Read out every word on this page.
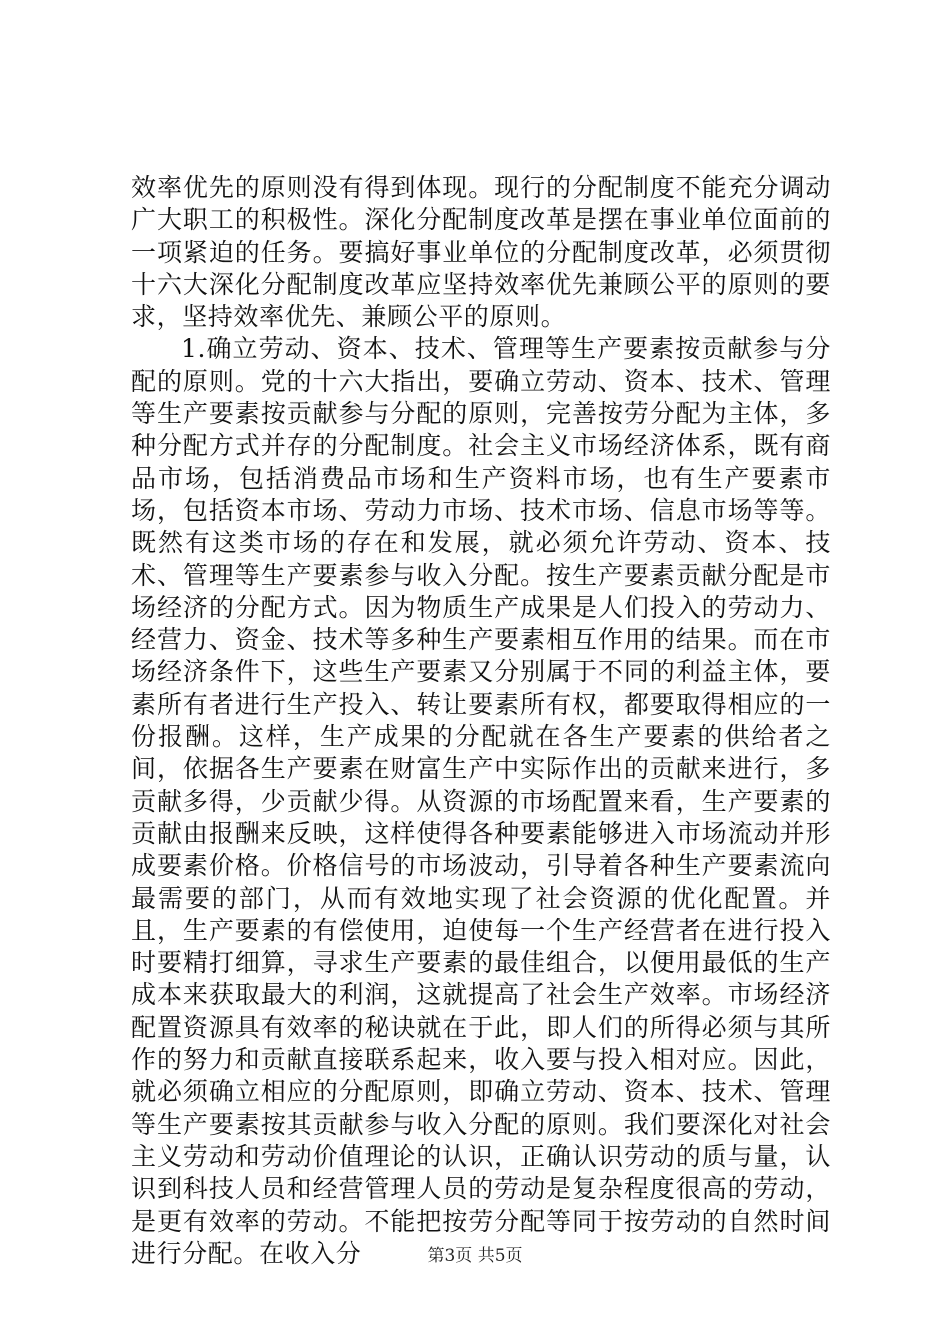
效率优先的原则没有得到体现。现行的分配制度不能充分调动广大职工的积极性。深化分配制度改革是摆在事业单位面前的一项紧迫的任务。要搞好事业单位的分配制度改革，必须贯彻十六大深化分配制度改革应坚持效率优先兼顾公平的原则的要求，坚持效率优先、兼顾公平的原则。

1.确立劳动、资本、技术、管理等生产要素按贡献参与分配的原则。党的十六大指出，要确立劳动、资本、技术、管理等生产要素按贡献参与分配的原则，完善按劳分配为主体，多种分配方式并存的分配制度。社会主义市场经济体系，既有商品市场，包括消费品市场和生产资料市场，也有生产要素市场，包括资本市场、劳动力市场、技术市场、信息市场等等。既然有这类市场的存在和发展，就必须允许劳动、资本、技术、管理等生产要素参与收入分配。按生产要素贡献分配是市场经济的分配方式。因为物质生产成果是人们投入的劳动力、经营力、资金、技术等多种生产要素相互作用的结果。而在市场经济条件下，这些生产要素又分别属于不同的利益主体，要素所有者进行生产投入、转让要素所有权，都要取得相应的一份报酬。这样，生产成果的分配就在各生产要素的供给者之间，依据各生产要素在财富生产中实际作出的贡献来进行，多贡献多得，少贡献少得。从资源的市场配置来看，生产要素的贡献由报酬来反映，这样使得各种要素能够进入市场流动并形成要素价格。价格信号的市场波动，引导着各种生产要素流向最需要的部门，从而有效地实现了社会资源的优化配置。并且，生产要素的有偿使用，迫使每一个生产经营者在进行投入时要精打细算，寻求生产要素的最佳组合，以便用最低的生产成本来获取最大的利润，这就提高了社会生产效率。市场经济配置资源具有效率的秘诀就在于此，即人们的所得必须与其所作的努力和贡献直接联系起来，收入要与投入相对应。因此，就必须确立相应的分配原则，即确立劳动、资本、技术、管理等生产要素按其贡献参与收入分配的原则。我们要深化对社会主义劳动和劳动价值理论的认识，正确认识劳动的质与量，认识到科技人员和经营管理人员的劳动是复杂程度很高的劳动，是更有效率的劳动。不能把按劳分配等同于按劳动的自然时间进行分配。在收入分	第3页 共5页
